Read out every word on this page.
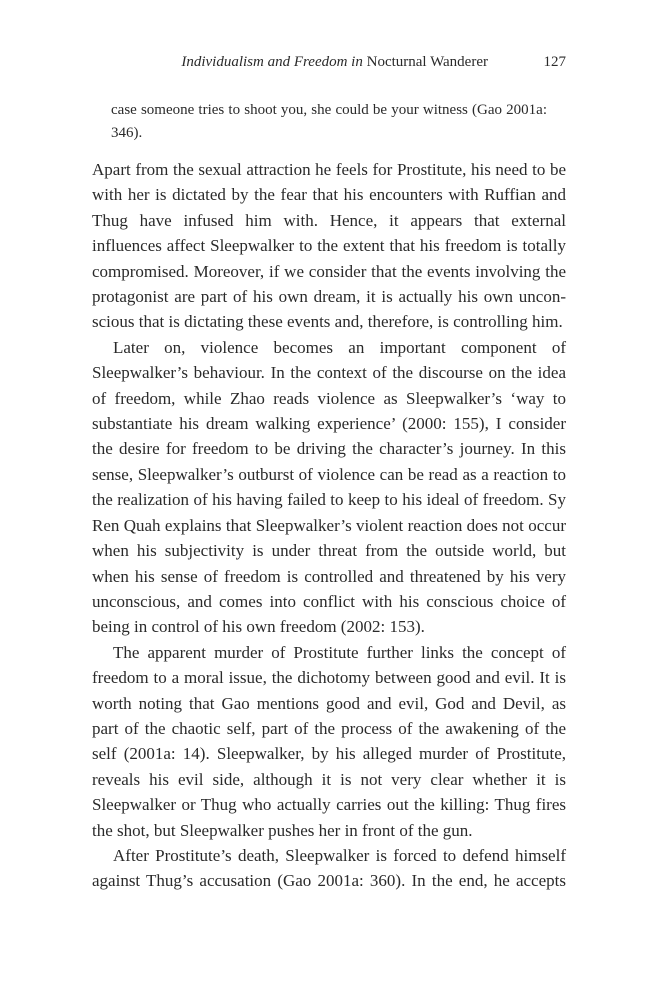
Individualism and Freedom in Nocturnal Wanderer	127
case someone tries to shoot you, she could be your witness (Gao 2001a: 346).

Apart from the sexual attraction he feels for Prostitute, his need to be with her is dictated by the fear that his encounters with Ruffian and Thug have infused him with. Hence, it appears that external influences affect Sleepwalker to the extent that his freedom is totally compromised. Moreover, if we consider that the events involving the protagonist are part of his own dream, it is actually his own unconscious that is dictating these events and, therefore, is controlling him.

Later on, violence becomes an important component of Sleepwalker’s behaviour. In the context of the discourse on the idea of freedom, while Zhao reads violence as Sleepwalker’s ‘way to substantiate his dream walking experience’ (2000: 155), I consider the desire for freedom to be driving the character’s journey. In this sense, Sleepwalker’s outburst of violence can be read as a reaction to the realization of his having failed to keep to his ideal of freedom. Sy Ren Quah explains that Sleepwalker’s violent reaction does not occur when his subjectivity is under threat from the outside world, but when his sense of freedom is controlled and threatened by his very unconscious, and comes into conflict with his conscious choice of being in control of his own freedom (2002: 153).

The apparent murder of Prostitute further links the concept of freedom to a moral issue, the dichotomy between good and evil. It is worth noting that Gao mentions good and evil, God and Devil, as part of the chaotic self, part of the process of the awakening of the self (2001a: 14). Sleepwalker, by his alleged murder of Prostitute, reveals his evil side, although it is not very clear whether it is Sleepwalker or Thug who actually carries out the killing: Thug fires the shot, but Sleepwalker pushes her in front of the gun.

After Prostitute’s death, Sleepwalker is forced to defend himself against Thug’s accusation (Gao 2001a: 360). In the end, he accepts
